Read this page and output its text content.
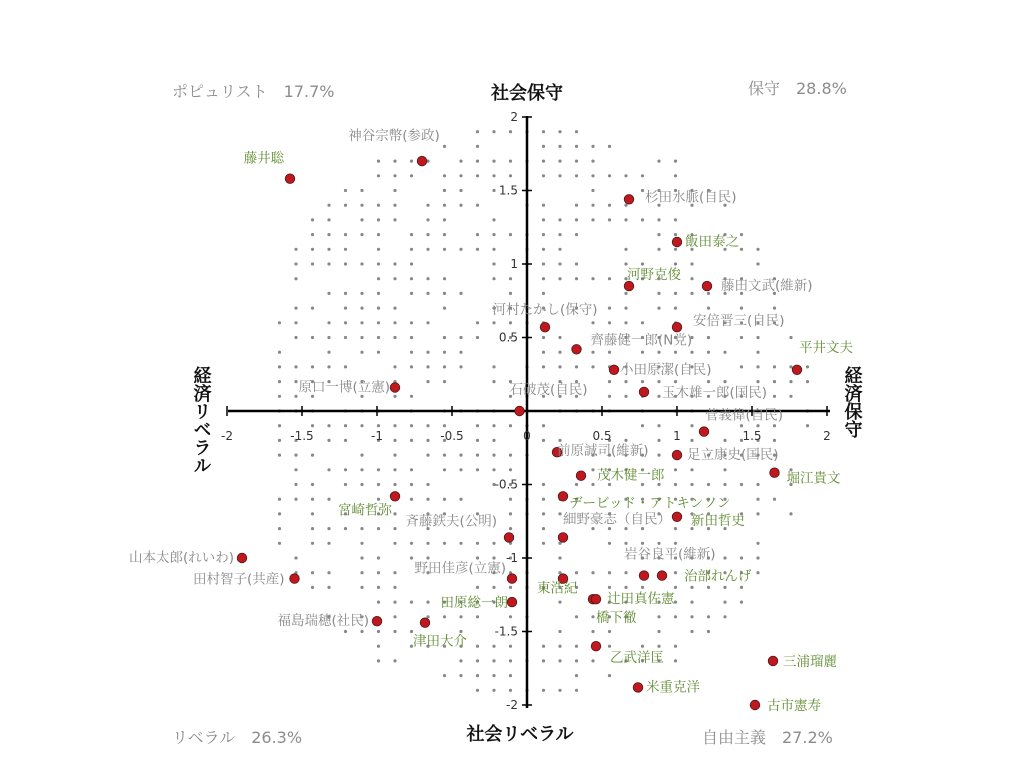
-2	-1.5	-1	-0.5	0	0.5	1	1.5	2
2
1.5
1
0.5
-0.5
-1
-1.5
-2
ポピュリスト　17.7%	保守　28.8%
リベラル　26.3%	自由主義　27.2%
社会保守
社会リベラル
経済リベラル	経済保守
藤井聡
神谷宗幣(参政)
杉田水脈(自民)
飯田泰之
河野克俊
藤田文武(維新)
河村たかし(保守)
安倍晋三(自民)
齊藤健一郎(N党)	平井文夫
小田原潔(自民)
原口一博(立憲)	石破茂(自民)	玉木雄一郎(国民)
菅義偉(自民)
前原誠司(維新)	足立康史(国民)
堀江貴文
茂木健一郎
宮崎哲弥	デービッド・アトキンソン
新田哲史
細野豪志（自民）
斉藤鉄夫(公明)
山本太郎(れいわ)
田村智子(共産)
岩谷良平(維新)
治部れんげ
野田佳彦(立憲)
東浩紀
田原総一朗	辻田真佐憲
橋下徹
福島瑞穂(社民)
津田大介
乙武洋匡	三浦瑠麗
米重克洋
古市憲寿
